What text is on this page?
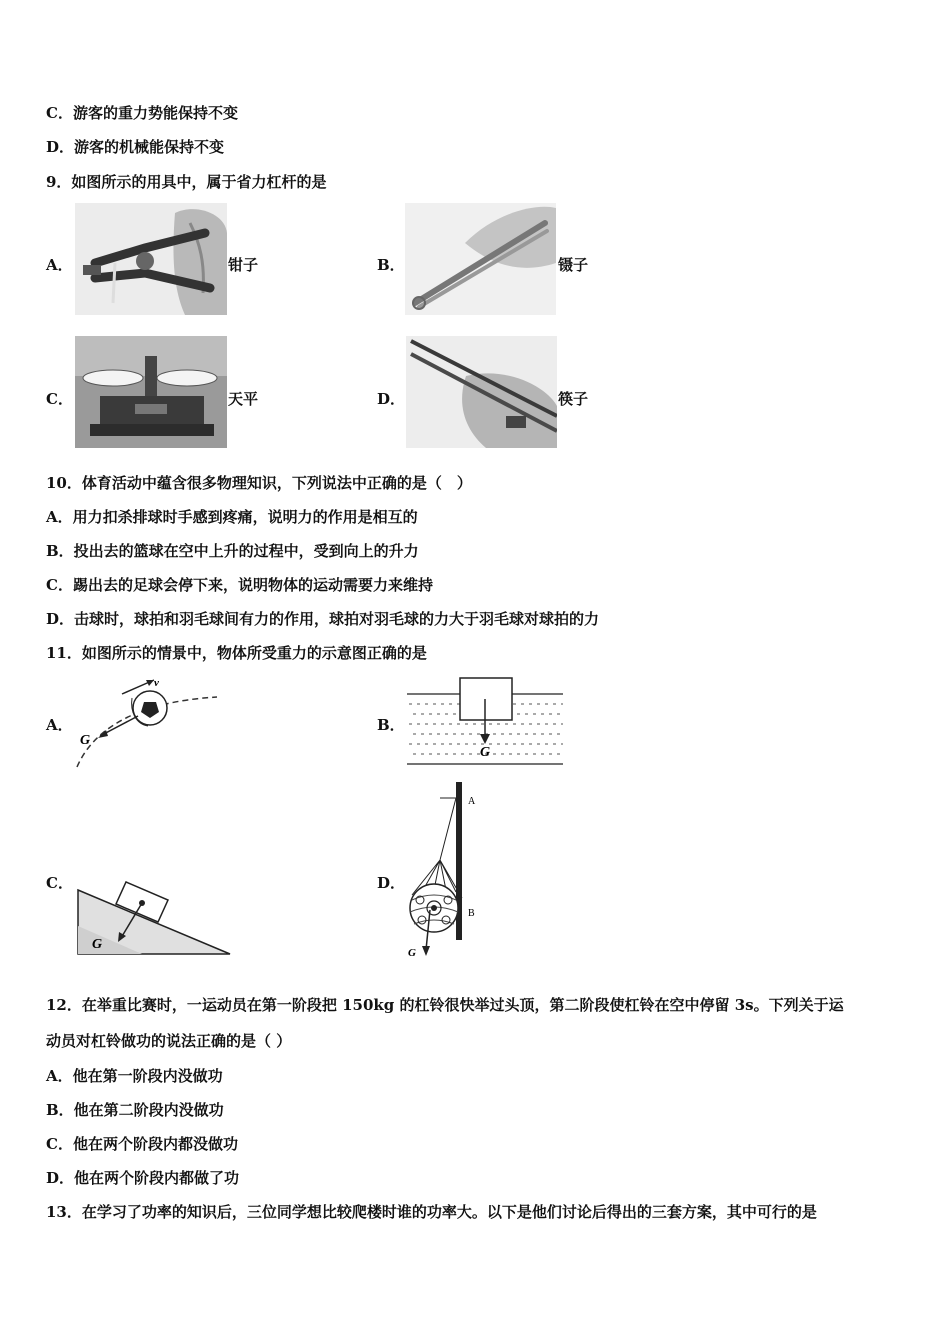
C．游客的重力势能保持不变
D．游客的机械能保持不变
9．如图所示的用具中，属于省力杠杆的是
A．	钳子	B．	镊子
C．	天平	D．	筷子
10．体育活动中蕴含很多物理知识，下列说法中正确的是（　）
A．用力扣杀排球时手感到疼痛，说明力的作用是相互的
B．投出去的篮球在空中上升的过程中，受到向上的升力
C．踢出去的足球会停下来，说明物体的运动需要力来维持
D．击球时，球拍和羽毛球间有力的作用，球拍对羽毛球的力大于羽毛球对球拍的力
11．如图所示的情景中，物体所受重力的示意图正确的是
A．
v
G
B．
G
C．
G
D．
A
B
G
12．在举重比赛时，一运动员在第一阶段把 150kg 的杠铃很快举过头顶，第二阶段使杠铃在空中停留 3s。下列关于运
动员对杠铃做功的说法正确的是（ ）
A．他在第一阶段内没做功
B．他在第二阶段内没做功
C．他在两个阶段内都没做功
D．他在两个阶段内都做了功
13．在学习了功率的知识后，三位同学想比较爬楼时谁的功率大。以下是他们讨论后得出的三套方案，其中可行的是
